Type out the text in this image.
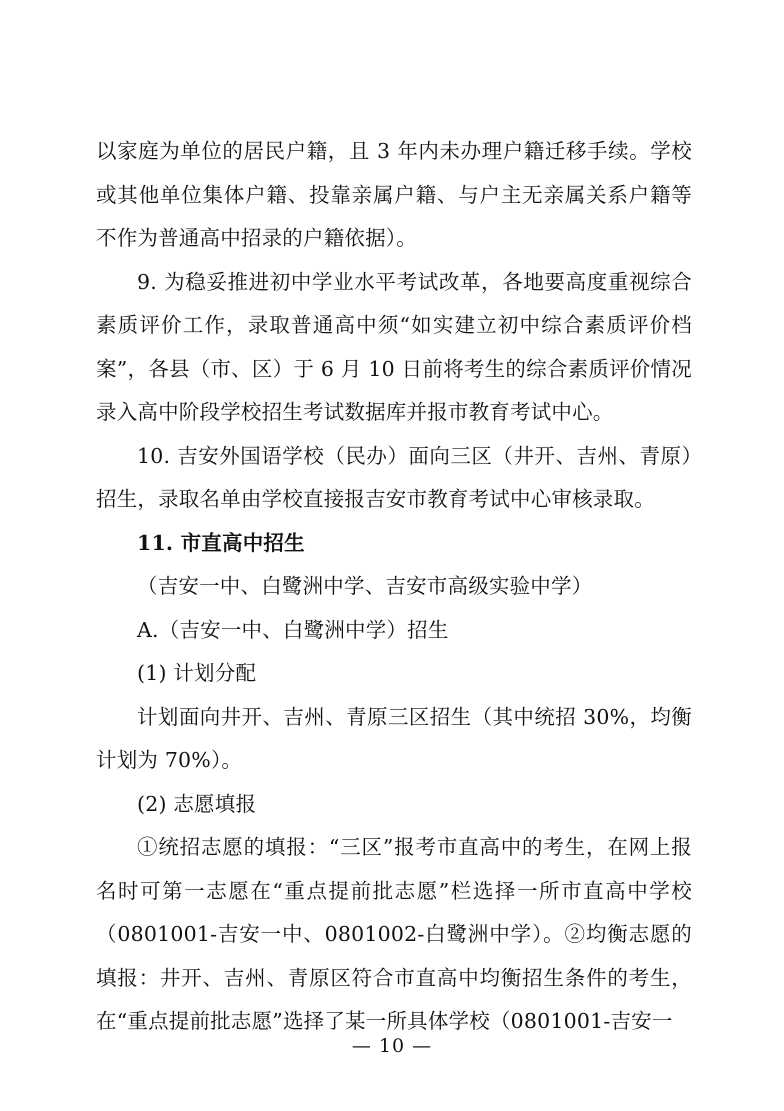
以家庭为单位的居民户籍，且 3 年内未办理户籍迁移手续。学校或其他单位集体户籍、投靠亲属户籍、与户主无亲属关系户籍等不作为普通高中招录的户籍依据）。

9. 为稳妥推进初中学业水平考试改革，各地要高度重视综合素质评价工作，录取普通高中须“如实建立初中综合素质评价档案”，各县（市、区）于 6 月 10 日前将考生的综合素质评价情况录入高中阶段学校招生考试数据库并报市教育考试中心。

10. 吉安外国语学校（民办）面向三区（井开、吉州、青原）招生，录取名单由学校直接报吉安市教育考试中心审核录取。

11. 市直高中招生

（吉安一中、白鹭洲中学、吉安市高级实验中学）

A.（吉安一中、白鹭洲中学）招生

(1) 计划分配

计划面向井开、吉州、青原三区招生（其中统招 30%，均衡计划为 70%）。

(2) 志愿填报

①统招志愿的填报：“三区”报考市直高中的考生，在网上报名时可第一志愿在“重点提前批志愿”栏选择一所市直高中学校（0801001-吉安一中、0801002-白鹭洲中学）。②均衡志愿的填报：井开、吉州、青原区符合市直高中均衡招生条件的考生，在“重点提前批志愿”选择了某一所具体学校（0801001-吉安一

— 10 —
